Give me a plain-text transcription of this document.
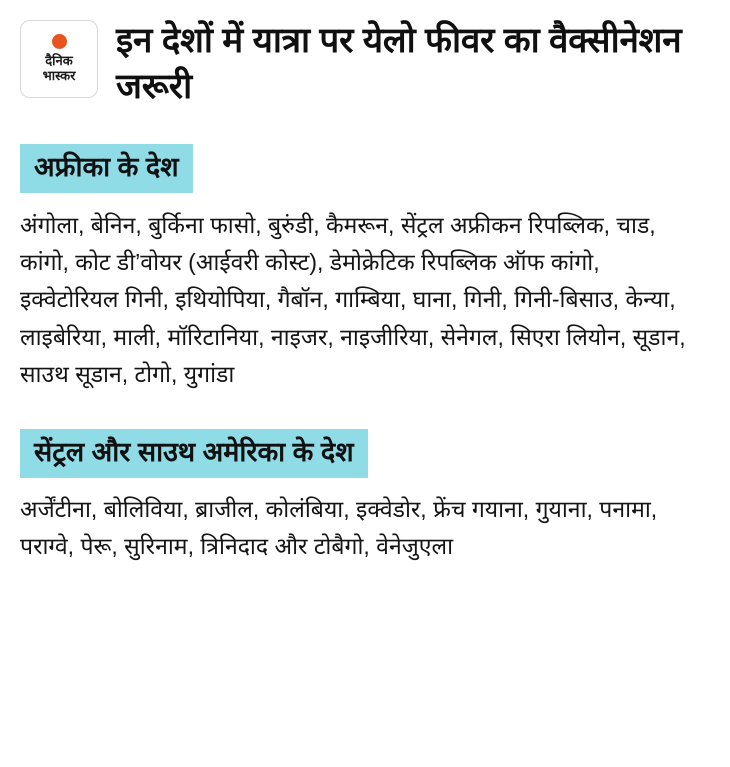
दैनिक
भास्कर
इन देशों में यात्रा पर येलो फीवर का वैक्सीनेशन जरूरी
अफ्रीका के देश
अंगोला, बेनिन, बुर्किना फासो, बुरुंडी, कैमरून, सेंट्रल अफ्रीकन रिपब्लिक, चाड, कांगो, कोट डी’वोयर (आईवरी कोस्ट), डेमोक्रेटिक रिपब्लिक ऑफ कांगो, इक्वेटोरियल गिनी, इथियोपिया, गैबॉन, गाम्बिया, घाना, गिनी, गिनी-बिसाउ, केन्या, लाइबेरिया, माली, मॉरिटानिया, नाइजर, नाइजीरिया, सेनेगल, सिएरा लियोन, सूडान, साउथ सूडान, टोगो, युगांडा
सेंट्रल और साउथ अमेरिका के देश
अर्जेंटीना, बोलिविया, ब्राजील, कोलंबिया, इक्वेडोर, फ्रेंच गयाना, गुयाना, पनामा, पराग्वे, पेरू, सुरिनाम, त्रिनिदाद और टोबैगो, वेनेजुएला
